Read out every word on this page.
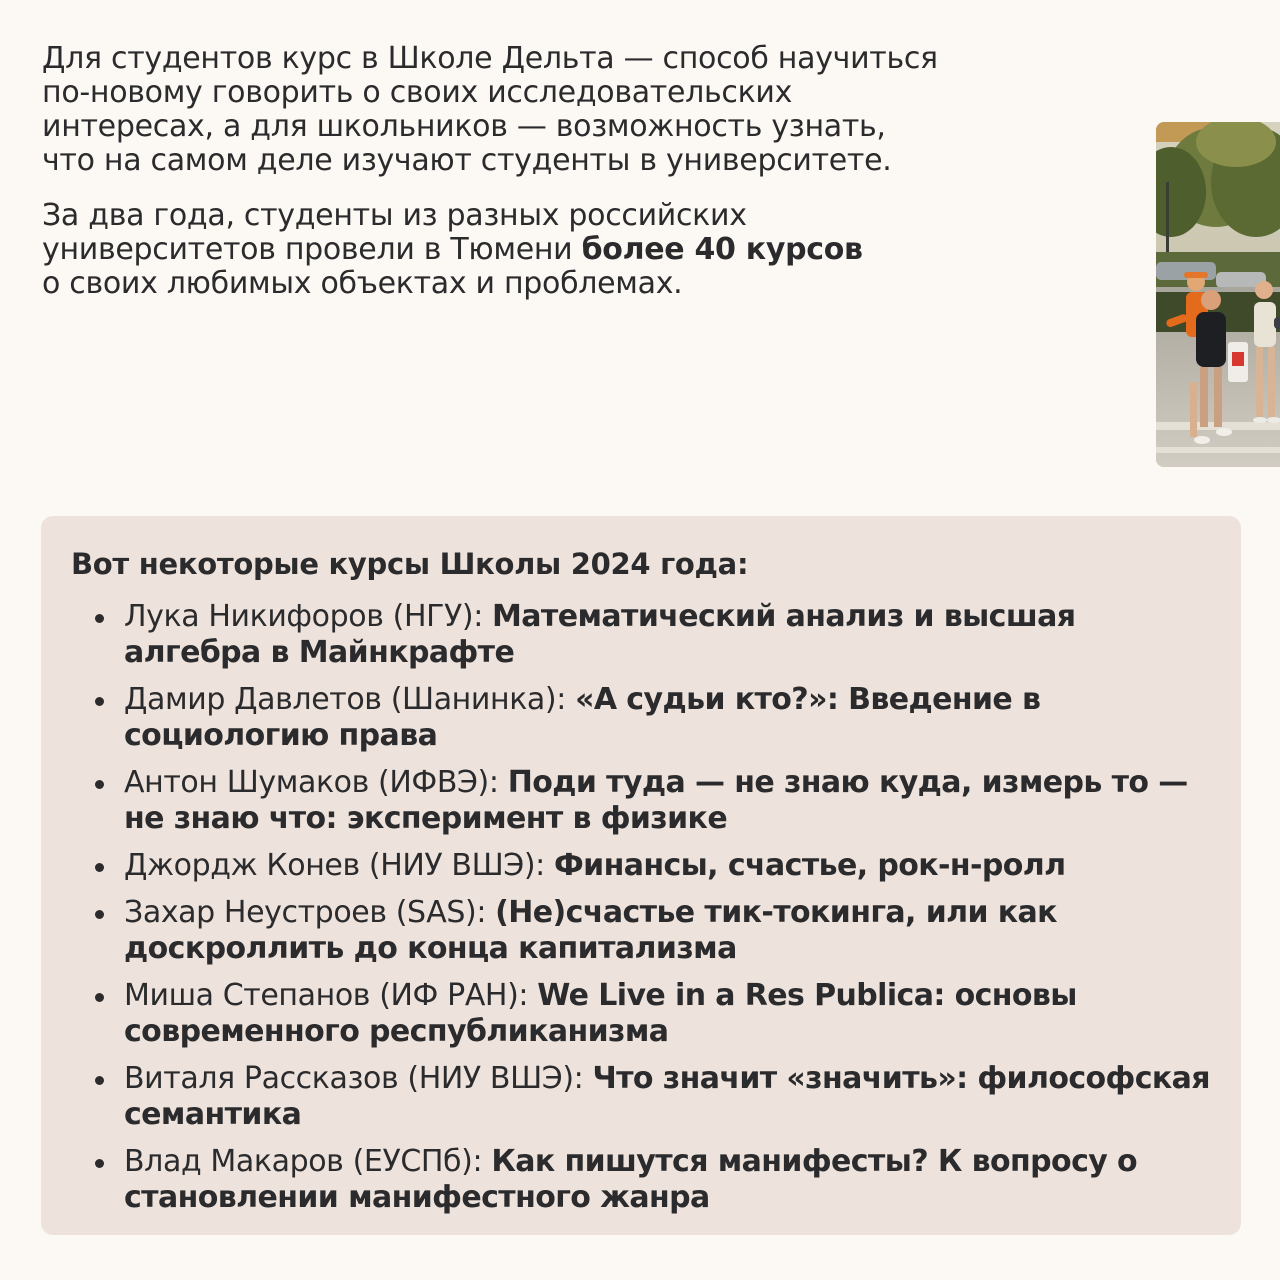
Для студентов курс в Школе Дельта — способ научиться
по-новому говорить о своих исследовательских
интересах, а для школьников — возможность узнать,
что на самом деле изучают студенты в университете.

За два года, студенты из разных российских
университетов провели в Тюмени более 40 курсов
о своих любимых объектах и проблемах.

Вот некоторые курсы Школы 2024 года:
Лука Никифоров (НГУ): Математический анализ и высшая алгебра в Майнкрафте
Дамир Давлетов (Шанинка): «А судьи кто?»: Введение в социологию права
Антон Шумаков (ИФВЭ): Поди туда — не знаю куда, измерь то — не знаю что: эксперимент в физике
Джордж Конев (НИУ ВШЭ): Финансы, счастье, рок-н-ролл
Захар Неустроев (SAS): (Не)счастье тик-токинга, или как доскроллить до конца капитализма
Миша Степанов (ИФ РАН): We Live in a Res Publica: основы современного республиканизма
Виталя Рассказов (НИУ ВШЭ): Что значит «значить»: философская семантика
Влад Макаров (ЕУСПб): Как пишутся манифесты? К вопросу о становлении манифестного жанра
